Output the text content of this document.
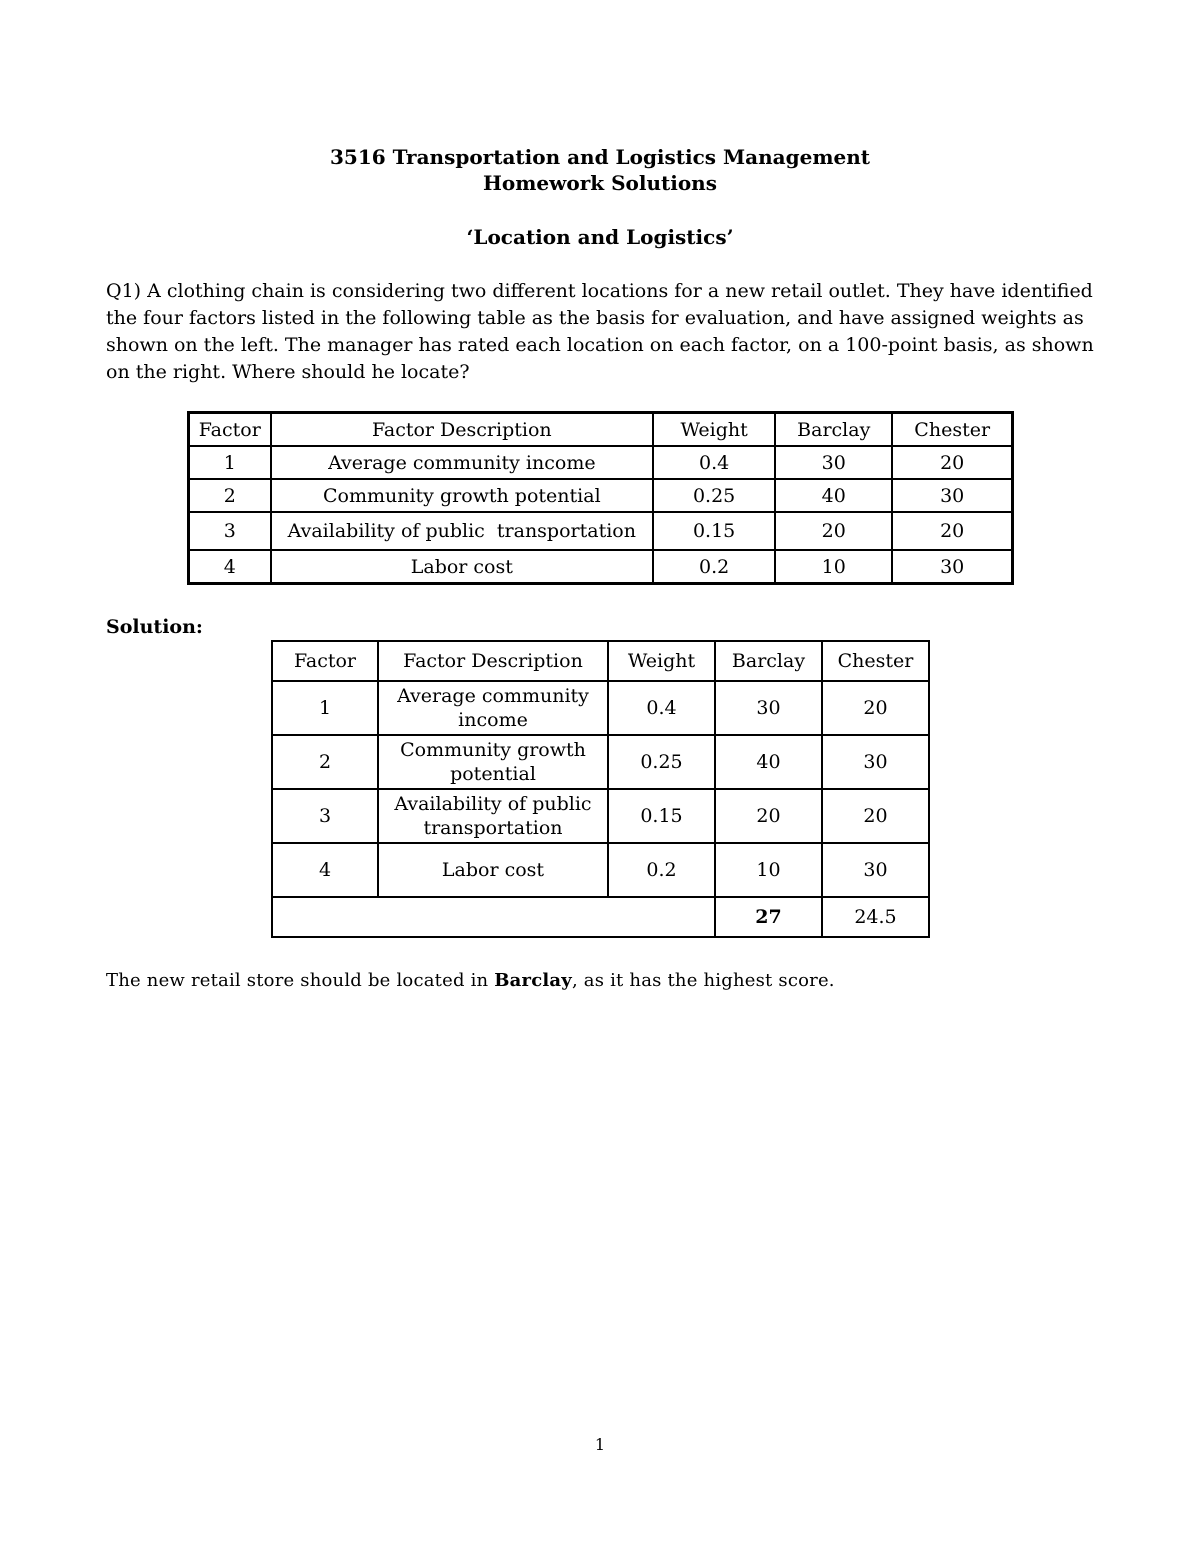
3516 Transportation and Logistics Management
Homework Solutions
‘Location and Logistics’
Q1) A clothing chain is considering two different locations for a new retail outlet. They have identified the four factors listed in the following table as the basis for evaluation, and have assigned weights as shown on the left. The manager has rated each location on each factor, on a 100-point basis, as shown on the right. Where should he locate?
Factor	Factor Description	Weight	Barclay	Chester
1	Average community income	0.4	30	20
2	Community growth potential	0.25	40	30
3	Availability of public  transportation	0.15	20	20
4	Labor cost	0.2	10	30
Solution:
Factor	Factor Description	Weight	Barclay	Chester
1	Average community income	0.4	30	20
2	Community growth potential	0.25	40	30
3	Availability of public transportation	0.15	20	20
4	Labor cost	0.2	10	30
			27	24.5
The new retail store should be located in Barclay, as it has the highest score.
1
